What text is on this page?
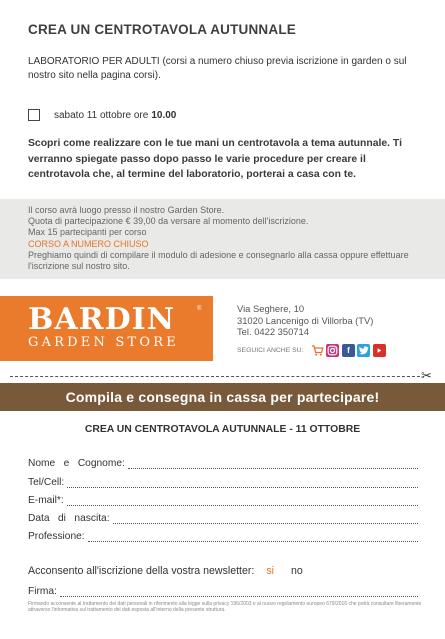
CREA UN CENTROTAVOLA AUTUNNALE
LABORATORIO PER ADULTI (corsi a numero chiuso previa iscrizione in garden o sul nostro sito nella pagina corsi).
sabato 11 ottobre ore 10.00
Scopri come realizzare con le tue mani un centrotavola a tema autunnale. Ti verranno spiegate passo dopo passo le varie procedure per creare il centrotavola che, al termine del laboratorio, porterai a casa con te.
Il corso avrà luogo presso il nostro Garden Store.
Quota di partecipazione € 39,00 da versare al momento dell'iscrizione.
Max 15 partecipanti per corso
CORSO A NUMERO CHIUSO
Preghiamo quindi di compilare il modulo di adesione e consegnarlo alla cassa oppure effettuare l'iscrizione sul nostro sito.
BARDIN	®
GARDEN STORE
Via Seghere, 10
31020 Lancenigo di Villorba (TV)
Tel. 0422 350714
SEGUICI ANCHE SU:	f
✂
Compila e consegna in cassa per partecipare!
CREA UN CENTROTAVOLA AUTUNNALE - 11 OTTOBRE
Nome   e   Cognome:
Tel/Cell:
E-mail*:
Data   di   nascita:
Professione:
Acconsento all'iscrizione della vostra newsletter: si no
Firma:
Firmando acconsente al trattamento dei dati personali in riferimento alla legge sulla privacy 196/2003 e al nuovo regolamento europeo 679/2016 che potrà consultare liberamente attraverso l'informativa sul trattamento dei dati esposta all'interno della presente struttura.
